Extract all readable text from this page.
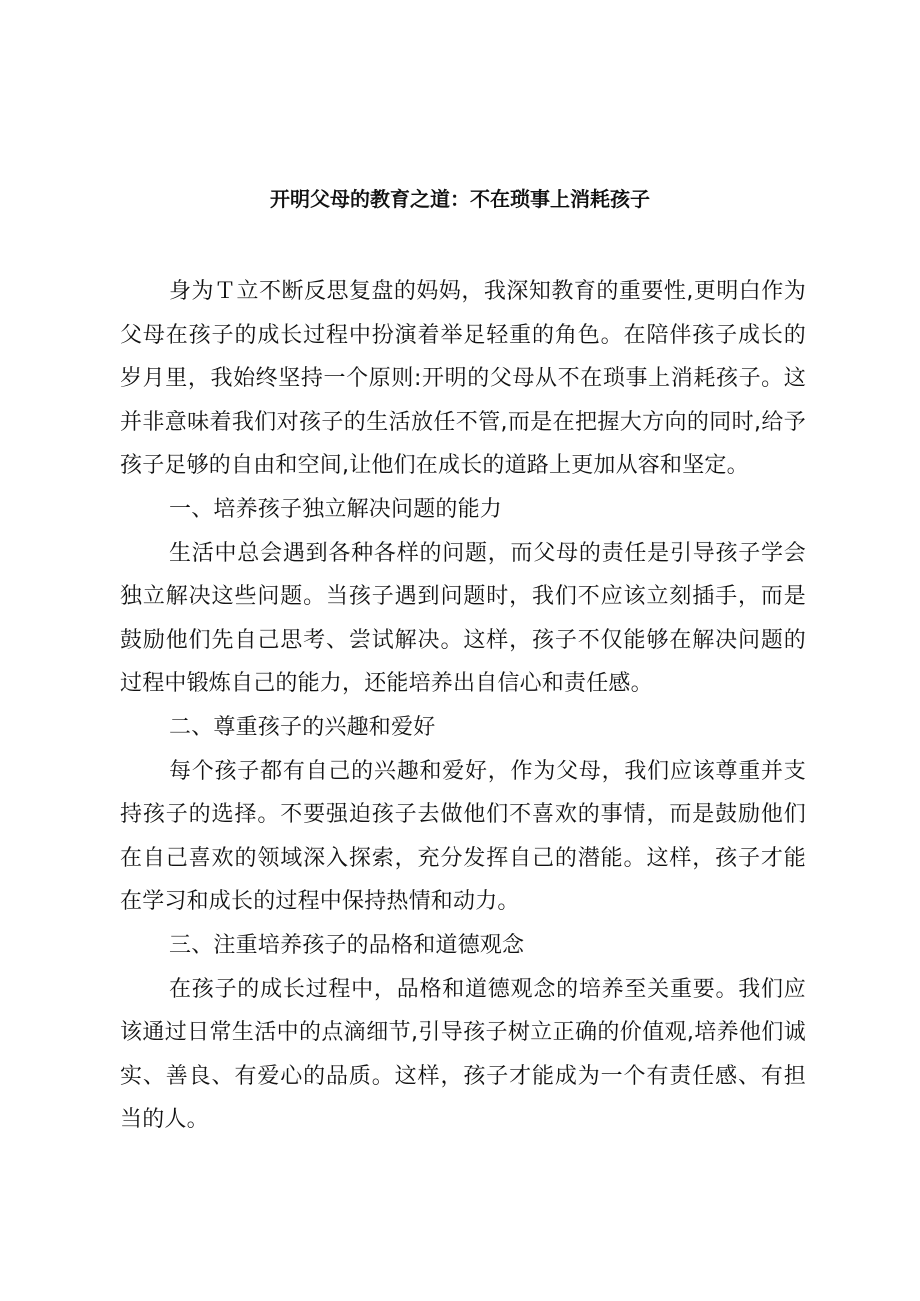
开明父母的教育之道：不在琐事上消耗孩子

身为Ｔ立不断反思复盘的妈妈，我深知教育的重要性,更明白作为父母在孩子的成长过程中扮演着举足轻重的角色。在陪伴孩子成长的岁月里，我始终坚持一个原则:开明的父母从不在琐事上消耗孩子。这并非意味着我们对孩子的生活放任不管,而是在把握大方向的同时,给予孩子足够的自由和空间,让他们在成长的道路上更加从容和坚定。

一、培养孩子独立解决问题的能力

生活中总会遇到各种各样的问题，而父母的责任是引导孩子学会独立解决这些问题。当孩子遇到问题时，我们不应该立刻插手，而是鼓励他们先自己思考、尝试解决。这样，孩子不仅能够在解决问题的过程中锻炼自己的能力，还能培养出自信心和责任感。

二、尊重孩子的兴趣和爱好

每个孩子都有自己的兴趣和爱好，作为父母，我们应该尊重并支持孩子的选择。不要强迫孩子去做他们不喜欢的事情，而是鼓励他们在自己喜欢的领域深入探索，充分发挥自己的潜能。这样，孩子才能在学习和成长的过程中保持热情和动力。

三、注重培养孩子的品格和道德观念

在孩子的成长过程中，品格和道德观念的培养至关重要。我们应该通过日常生活中的点滴细节,引导孩子树立正确的价值观,培养他们诚实、善良、有爱心的品质。这样，孩子才能成为一个有责任感、有担当的人。
